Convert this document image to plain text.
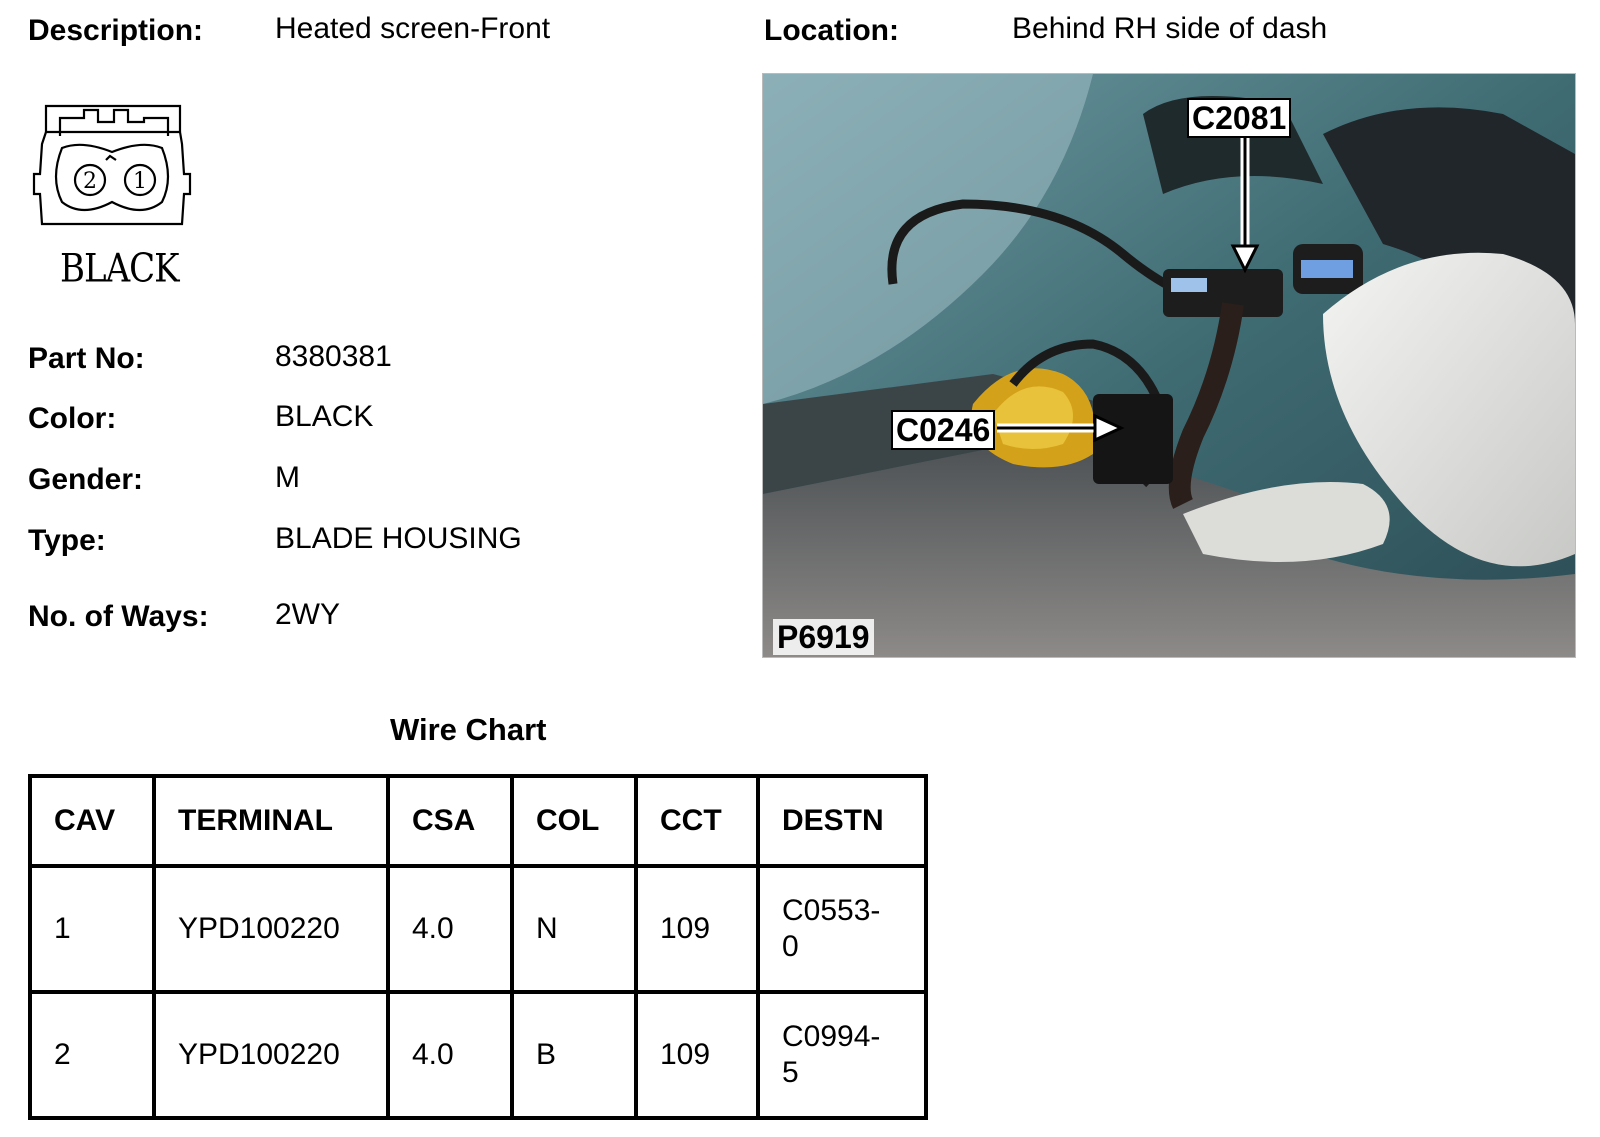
Description: Heated screen-Front	Location:	Behind RH side of dash
2 1
BLACK
Part No:	8380381
Color:	BLACK
Gender:	M
Type:	BLADE HOUSING
No. of Ways: 2WY
C2081
C0246
P6919
Wire Chart
CAV	TERMINAL	CSA	COL	CCT	DESTN
1	YPD100220	4.0	N	109	C0553-
0
2	YPD100220	4.0	B	109	C0994-
5
